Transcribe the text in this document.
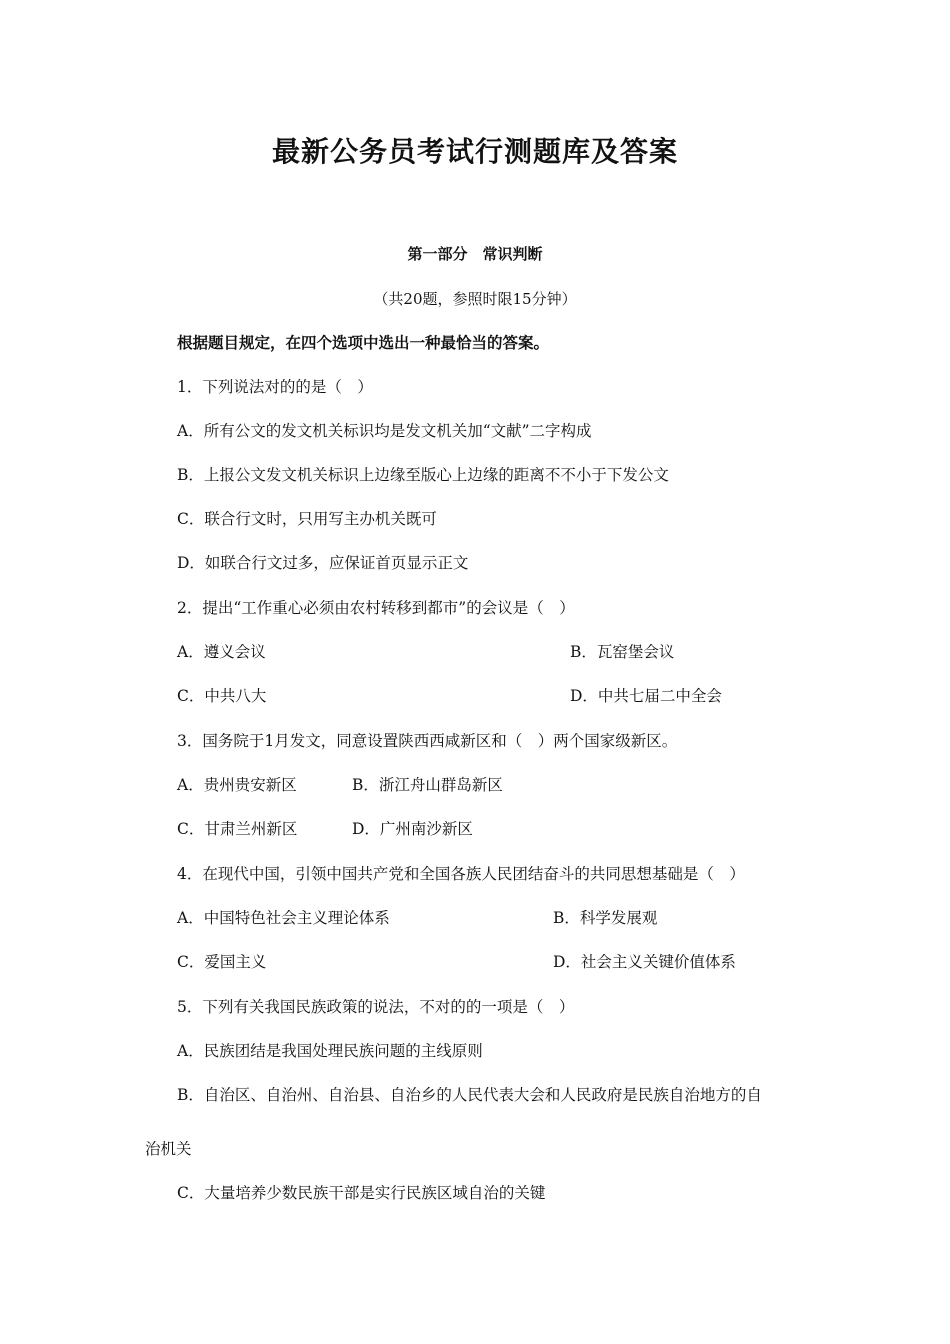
最新公务员考试行测题库及答案
第一部分　常识判断
（共20题，参照时限15分钟）
根据题目规定，在四个选项中选出一种最恰当的答案。
1．下列说法对的的是（　）
A．所有公文的发文机关标识均是发文机关加“文献”二字构成
B．上报公文发文机关标识上边缘至版心上边缘的距离不不小于下发公文
C．联合行文时，只用写主办机关既可
D．如联合行文过多，应保证首页显示正文
2．提出“工作重心必须由农村转移到都市”的会议是（　）
A．遵义会议	B．瓦窑堡会议
C．中共八大	D．中共七届二中全会
3．国务院于1月发文，同意设置陕西西咸新区和（　）两个国家级新区。
A．贵州贵安新区	B．浙江舟山群岛新区
C．甘肃兰州新区	D．广州南沙新区
4．在现代中国，引领中国共产党和全国各族人民团结奋斗的共同思想基础是（　）
A．中国特色社会主义理论体系	B．科学发展观
C．爱国主义	D．社会主义关键价值体系
5．下列有关我国民族政策的说法，不对的的一项是（　）
A．民族团结是我国处理民族问题的主线原则
B．自治区、自治州、自治县、自治乡的人民代表大会和人民政府是民族自治地方的自
治机关
C．大量培养少数民族干部是实行民族区域自治的关键
